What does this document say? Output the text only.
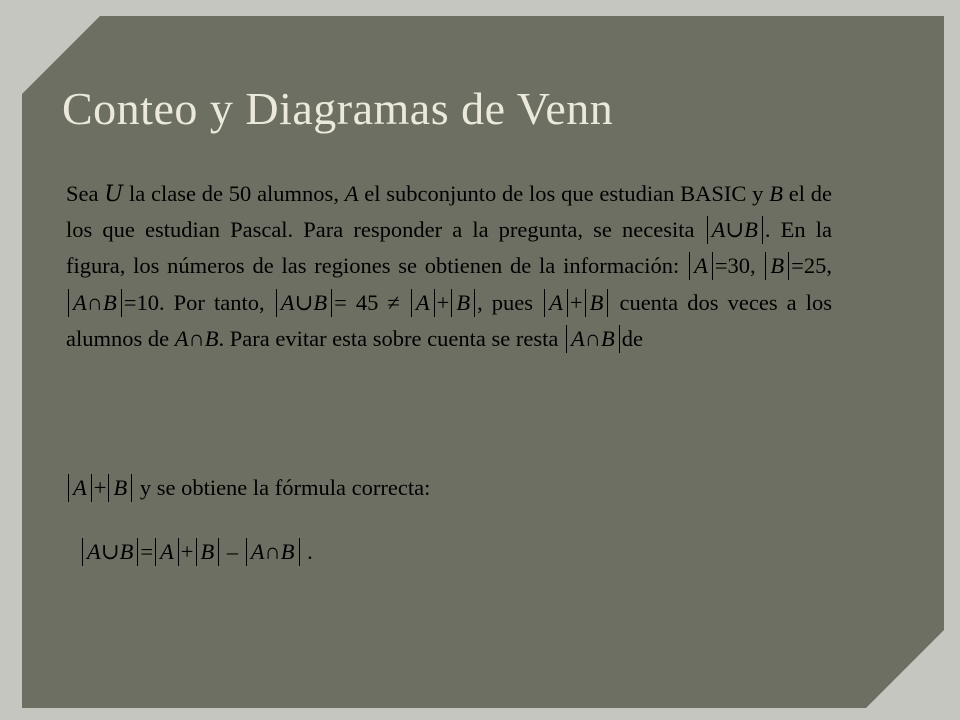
Conteo y Diagramas de Venn
Sea U la clase de 50 alumnos, A el subconjunto de los que estudian BASIC y B el de los que estudian Pascal. Para responder a la pregunta, se necesita A∪B . En la figura, los números de las regiones se obtienen de la información: A =30, B =25, A∩B =10. Por tanto, A∪B = 45 ≠ A + B , pues A + B cuenta dos veces a los alumnos de A∩B. Para evitar esta sobre cuenta se resta A∩B de
A + B y se obtiene la fórmula correcta:
A∪B = A + B – A∩B .
